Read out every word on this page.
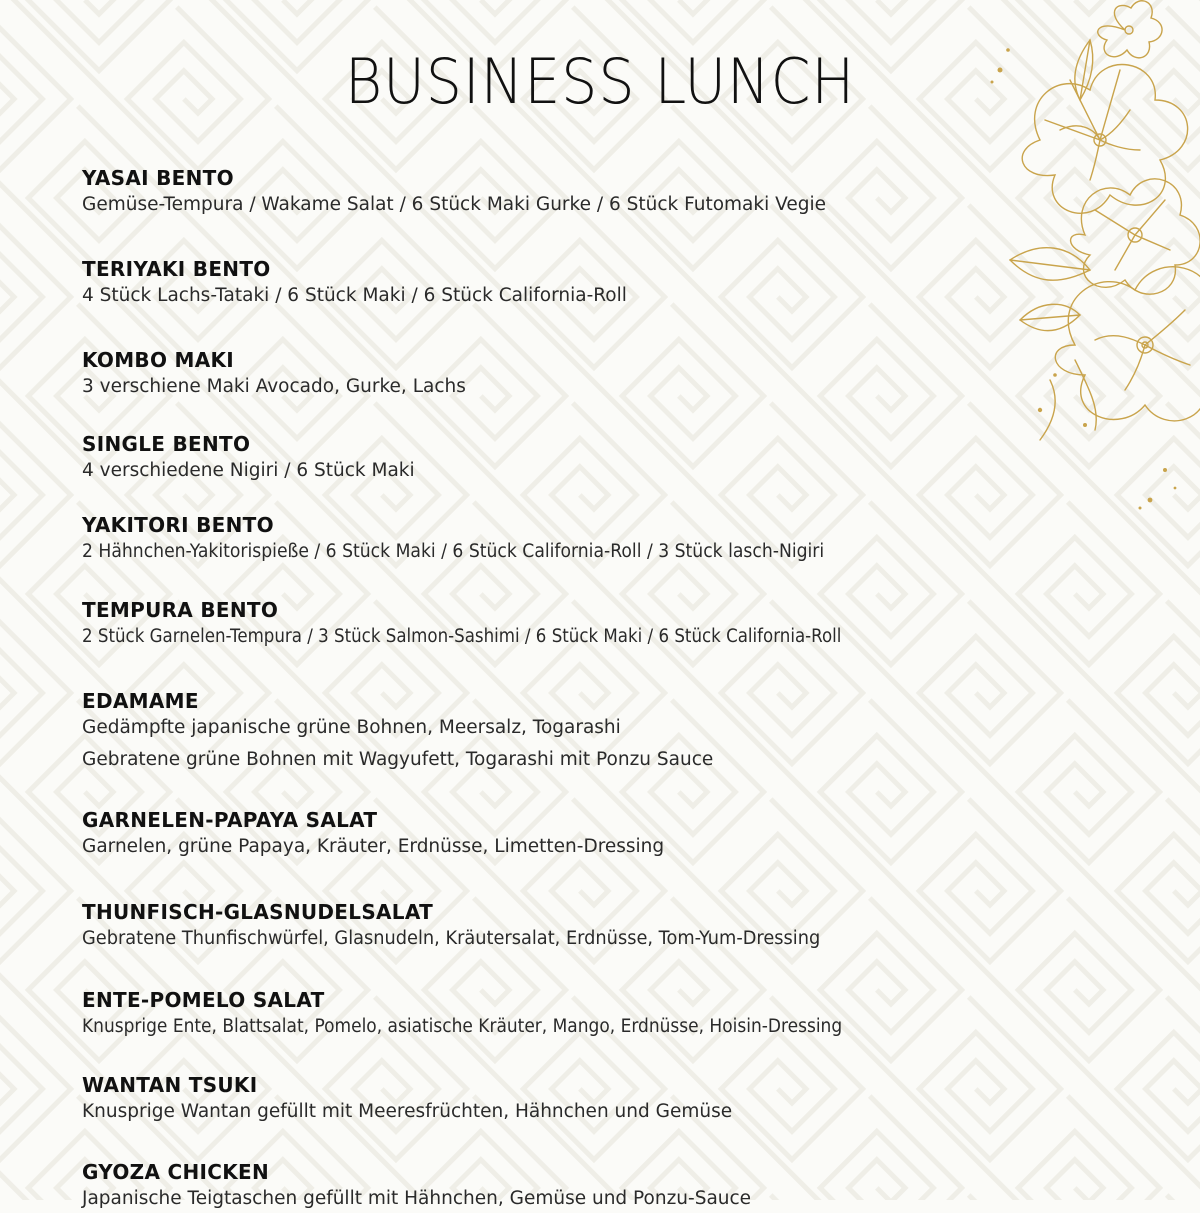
BUSINESS LUNCH
YASAI BENTO
Gemüse-Tempura / Wakame Salat / 6 Stück Maki Gurke / 6 Stück Futomaki Vegie
TERIYAKI BENTO
4 Stück Lachs-Tataki / 6 Stück Maki / 6 Stück California-Roll
KOMBO MAKI
3 verschiene Maki Avocado, Gurke, Lachs
SINGLE BENTO
4 verschiedene Nigiri / 6 Stück Maki
YAKITORI BENTO
2 Hähnchen-Yakitorispieße / 6 Stück Maki / 6 Stück California-Roll / 3 Stück lasch-Nigiri
TEMPURA BENTO
2 Stück Garnelen-Tempura / 3 Stück Salmon-Sashimi / 6 Stück Maki / 6 Stück California-Roll
EDAMAME
Gedämpfte japanische grüne Bohnen, Meersalz, Togarashi
Gebratene grüne Bohnen mit Wagyufett, Togarashi mit Ponzu Sauce
GARNELEN-PAPAYA SALAT
Garnelen, grüne Papaya, Kräuter, Erdnüsse, Limetten-Dressing
THUNFISCH-GLASNUDELSALAT
Gebratene Thunfischwürfel, Glasnudeln, Kräutersalat, Erdnüsse, Tom-Yum-Dressing
ENTE-POMELO SALAT
Knusprige Ente, Blattsalat, Pomelo, asiatische Kräuter, Mango, Erdnüsse, Hoisin-Dressing
WANTAN TSUKI
Knusprige Wantan gefüllt mit Meeresfrüchten, Hähnchen und Gemüse
GYOZA CHICKEN
Japanische Teigtaschen gefüllt mit Hähnchen, Gemüse und Ponzu-Sauce
